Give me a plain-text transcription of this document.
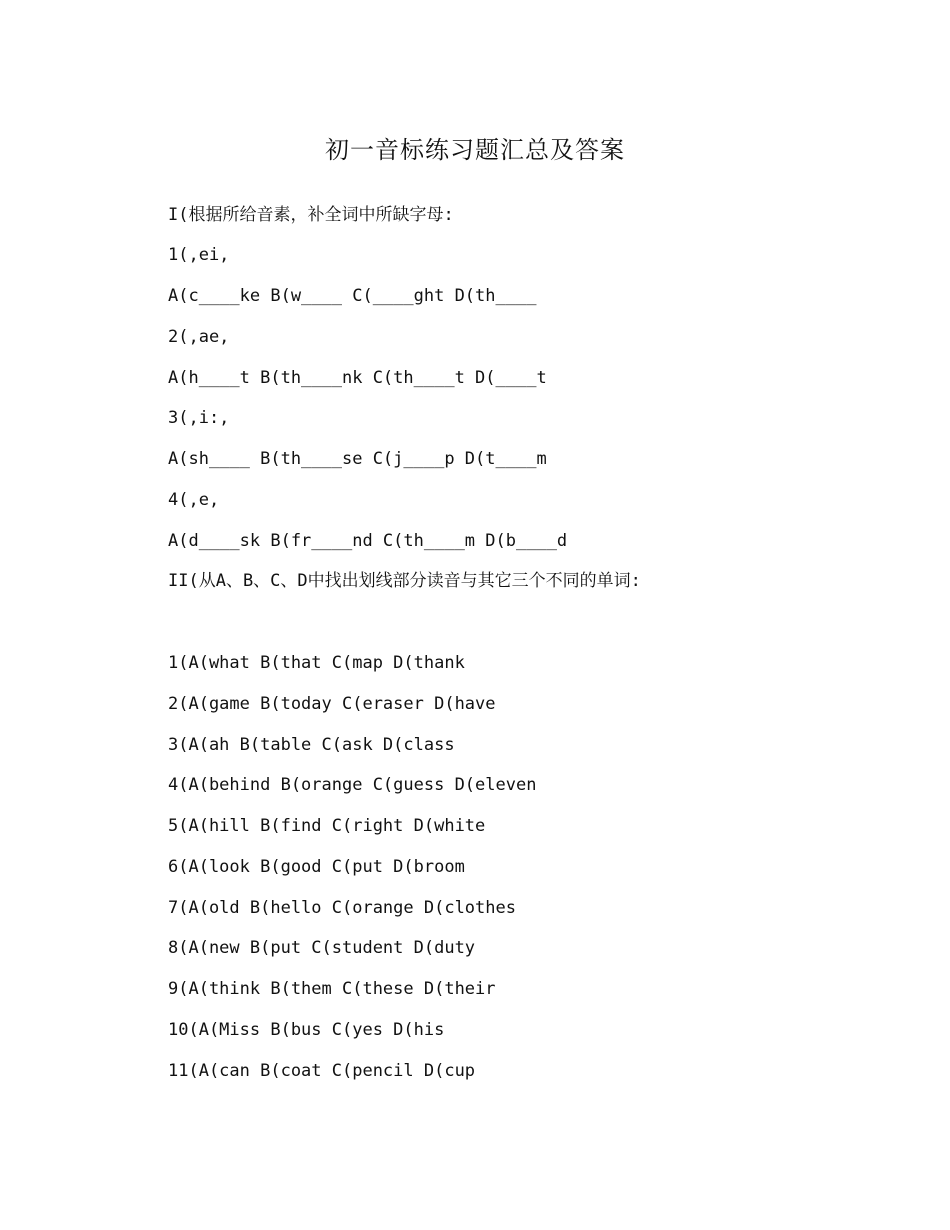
初一音标练习题汇总及答案
I(根据所给音素，补全词中所缺字母:
1(,ei,
A(c____ke B(w____ C(____ght D(th____
2(,ae,
A(h____t B(th____nk C(th____t D(____t
3(,i:,
A(sh____ B(th____se C(j____p D(t____m
4(,e,
A(d____sk B(fr____nd C(th____m D(b____d
II(从A、B、C、D中找出划线部分读音与其它三个不同的单词:
1(A(what B(that C(map D(thank
2(A(game B(today C(eraser D(have
3(A(ah B(table C(ask D(class
4(A(behind B(orange C(guess D(eleven
5(A(hill B(find C(right D(white
6(A(look B(good C(put D(broom
7(A(old B(hello C(orange D(clothes
8(A(new B(put C(student D(duty
9(A(think B(them C(these D(their
10(A(Miss B(bus C(yes D(his
11(A(can B(coat C(pencil D(cup
